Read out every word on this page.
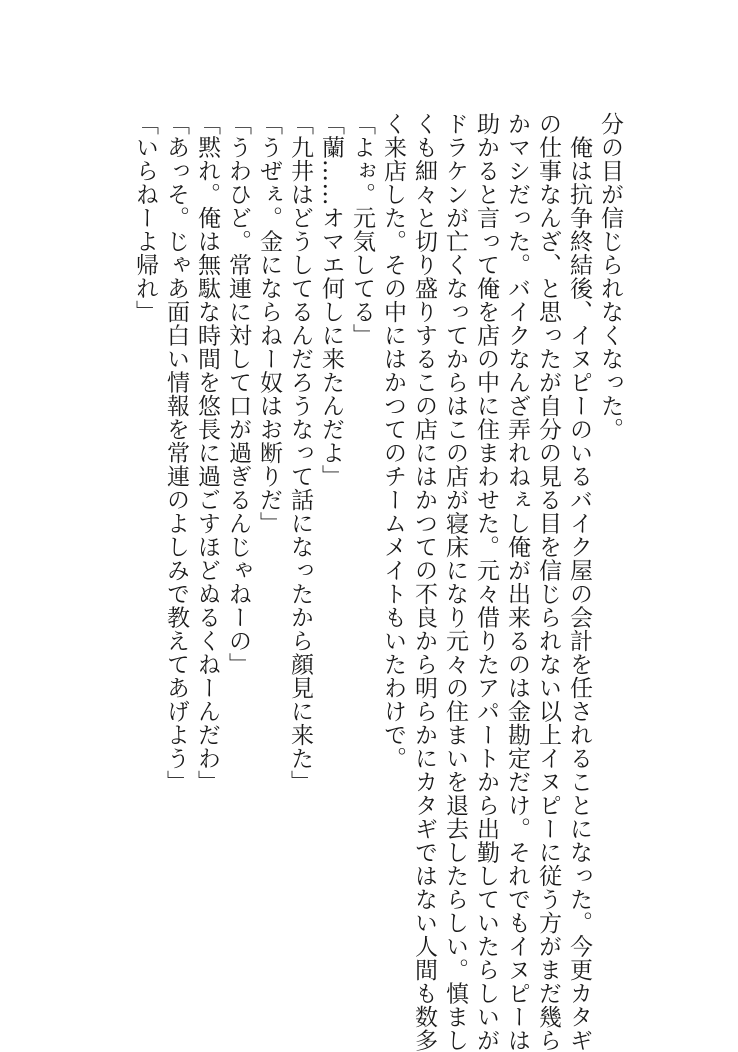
分の目が信じられなくなった。
　俺は抗争終結後、イヌピーのいるバイク屋の会計を任されることになった。今更カタギ
の仕事なんざ、と思ったが自分の見る目を信じられない以上イヌピーに従う方がまだ幾ら
かマシだった。バイクなんざ弄れねぇし俺が出来るのは金勘定だけ。それでもイヌピーは
助かると言って俺を店の中に住まわせた。元々借りたアパートから出勤していたらしいが
ドラケンが亡くなってからはこの店が寝床になり元々の住まいを退去したらしい。慎まし
くも細々と切り盛りするこの店にはかつての不良から明らかにカタギではない人間も数多
く来店した。その中にはかつてのチームメイトもいたわけで。
「よぉ。元気してる」
「蘭……オマエ何しに来たんだよ」
「九井はどうしてるんだろうなって話になったから顔見に来た」
「うぜぇ。金にならねー奴はお断りだ」
「うわひど。常連に対して口が過ぎるんじゃねーの」
「黙れ。俺は無駄な時間を悠長に過ごすほどぬるくねーんだわ」
「あっそ。じゃあ面白い情報を常連のよしみで教えてあげよう」
「いらねーよ帰れ」
